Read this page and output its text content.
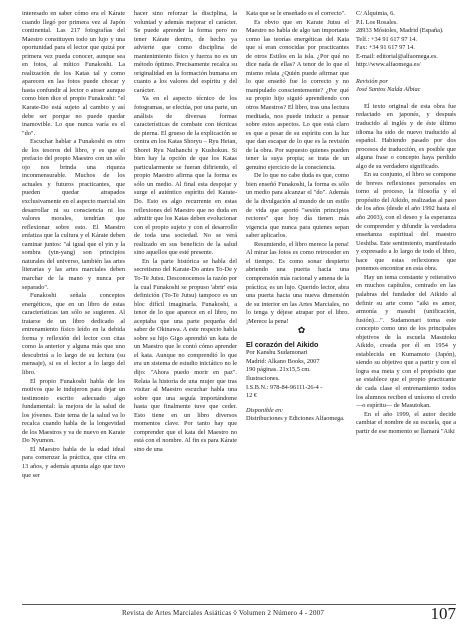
interesado en saber cómo era el Kárate cuando llegó por primera vez al Japón continental. Las 217 fotografías del Maestro constituyen todo un lujo y una oportunidad para el lector que quizá por primera vez pueda conocer, aunque sea en fotos, al mítico Funakoshi. La realización de los Katas tal y como aparecen en las fotos puede chocar y hasta confundir al lector o atraer aunque como bien dice el propio Funakoshi: "el Karate-Do está sujeto al cambio y así debe ser porque no puede quedar inamovible. Lo que nunca varía es el "do".

Escuchar hablar a Funakoshi es otro de los tesoros del libro, y es que el prefacio del propio Maestro con un sólo ojo nos brinda una riqueza inconmensurable. Muchos de los actuales y futuros practicantes, que pueden quedar atrapados exclusivamente en el aspecto marcial sin desarrollar ni su consciencia ni los valores morales, tendrían que reflexionar sobre esto. El Maestro enfatiza que la cultura y el Kárate deben caminar juntos: "al igual que el yin y la sombra (yin-yang) son principios naturales del universo, también las artes literarias y las artes marciales deben marchar de la mano y nunca por separado".

Funakoshi señala conceptos energéticos, que en un libro de estas características tan sólo se sugieren. Al tratarse de un libro dedicado al entrenamiento físico leído en la debida forma y reflexión del lector con citas como la anterior y alguna más que uno descubrirá a lo largo de su lectura (su mensaje), si es el lector a lo largo del libro.

El propio Funakoshi habla de los motivos que le indujeron para dejar un testimonio escrito adecuado algo fundamental: la mejora de la salud de los jóvenes. Este tema de la salud va lo recalca cuando habla de la longevidad de los Maestros y va de nuevo en Karate Do Nyumon.

El Maestro habla de la edad ideal para comenzar la práctica, que cifra en 13 años, y además apunta algo que tuvo que ser

hacer sino reforzar la disciplina, la voluntad y además mejorar el carácter. Se puede aprender la forma pero no tener Kárate dentro, de hecho ya advierte que como disciplina de mantenimiento físico y fuerza no es un método óptimo. Precisamente recalca su originalidad en la formación humana en cuanto a los valores del espíritu y del carácter.

Ya en el aspecto técnico de los fotogramas, se efectúa, por una parte, un análisis de diversas formas características de combate con técnicas de pierna. El grueso de la explicación se centra en los Katas Shoryu – Ryu Heian, Shorei Ryu Naihanchi y Kushokun. Si bien hay la opción de que los Katas particularmente se fueran difiriendo, el propio Maestro afirma que la forma es sólo un medio. Al final esta despojar y surge el auténtico espíritu del Karate-Do. Esto es algo recurrente en estas reflexiones del Maestro que no duda en admitir que los Katas deben evolucionar con el propio sujeto y con el desarrollo de toda una sociedad. No se verá realizado en sus beneficio de la salud sino aquellos que esté presente.

En la parte histórica se habla del secretismo del Karate-Do antes To-De y To-Te Jutsu. Desconocemos la razón por la cual Funakoshi se propuso 'abrir' esta definición (To-Te Jutsu) tampoco es un bloc difícil imaginarla. Funakoshi, a tenor de lo que aparece en el libro, no aceptaba que una parte pequeña del saber de Okinawa. A este respecto habla sobre su hijo Gigo aprendió un kata de un Maestro que le contó cómo aprender el kata. Aunque no comprendió lo que era un sistema de estudio iniciático no le dijo: "Ahora puedo morir en paz". Relata la historia de una mujer que tras visitar al Maestro escuchar habla una sobre que una seguía importándome hasta que finalmente tuve que ceder. Esto tiene en un libro diversos momentos clave. Por tanto hay que comprender que el kata del Maestro no está con el nombre. Al fin es para Kárate sino de una

Kata que se le enseñado es el correcto".

Es obvio que en Karate Jutsu el Maestro no habla de algo tan importante como las teorías energéticas del Kata que sí eran conocidas por practicantes de otros Estilos en la isla. ¿Por qué no dice nada de ellas? A tenor de lo que el mismo relata ¿Quién puede afirmar que lo que enseñó fue lo correcto y no manipulado conscientemente? ¿Por qué su propio hijo siguió aprendiendo con otros Maestros? El libro, tras una lectura meditada, nos puede inducir a pensar sobre estos aspectos. Lo que está claro es que a pesar de su espíritu con la luz que dan escapar de lo que es la revisión de la obra. Por supuesto quienes pueden tener la suya propia; se trata de un genuino ejercicio de la consciencia.

De lo que no cabe duda es que, como bien enseñó Funakoshi, la forma es sólo un medio para alcanzar el "do". Además de la divulgación al mundo de un estilo de vida que aportó "sesión principios rectores" que hoy día tienen más vigencia que nunca para quienes sepan saber aplicarlos.

Resumiendo, el libro merece la pena! Al mirar las fotos es como retroceder en el tiempo. Es como sonar despierto abriendo una puerta hacia una comprensión más racional y amena de la práctica; es un lujo. Querido lector, abra una puerta hacia una nueva dimensión de su interior en las Artes Marciales, no lo tenga y déjese atrapar por el libro. ¡Merece la pena!

✿

El corazón del Aikido

Por Kanshu Sudamonari

Madrid: Alkano Books, 2007

190 páginas. 21x15,5 cm.

Ilustraciones.

I.S.B.N.: 978-84-96111-26-4 -

12 €

Disponible en:

Distribuciones y Ediciones Alfaomega.

C/ Alquimia, 6.

P.I. Los Rosales.

28933 Móstoles, Madrid (España).

Telf.: +34 91 617 97 14.

Fax: +34 91 617 97 14.

E-mail: editorial@alfaomega.es.

http://www.alfaomega.es/

Revisión por

José Santos Nalda Albiac

El texto original de esta obra fue redactado en japonés, y después traducido al inglés y de éste último idioma ha sido de nuevo traducido al español. Habiendo pasado por dos procesos de traducción, es posible que alguna frase o concepto haya perdido algo de su verdadero significado.

En su conjunto, el libro se compone de breves reflexiones personales en torno al proceso, la filosofía y el propósito del Aikido, realizadas al paso de los años (desde el año 1992 hasta el año 2003), con el deseo y la esperanza de comprender y difundir la verdadera enseñanza espiritual del maestro Ueshiba. Este sentimiento, manifestado y expresado a lo largo de todo el libro, hace que estas reflexiones que ponemos encontrar en esta obra.

Hay un tema constante y reiterativo en muchos capítulos, centrado en las palabras del fundador del Aikido al definir su arte como "aiki es amor, armonía y masubi (unificación, fusión)…". Sudamonari toma este concepto como uno de los principales objetivos de la escuela Masutoku Aikido, creada por él en 1954 y establecida en Kumamoto (Japón), siendo su objetivo que a partir y con el logra esa meta y con el propósito que se establece que el propio practicante de cada clase el entrenamiento todos los alumnos reciben el unísono el credo —o espíritu— de Masutokan.

En el año 1999, el autor decide cambiar el nombre de su escuela, que a partir de ese momento se llamará "Aiki

Revista de Artes Marciales Asiáticas ◊ Volumen 2 Número 4 - 2007	107
